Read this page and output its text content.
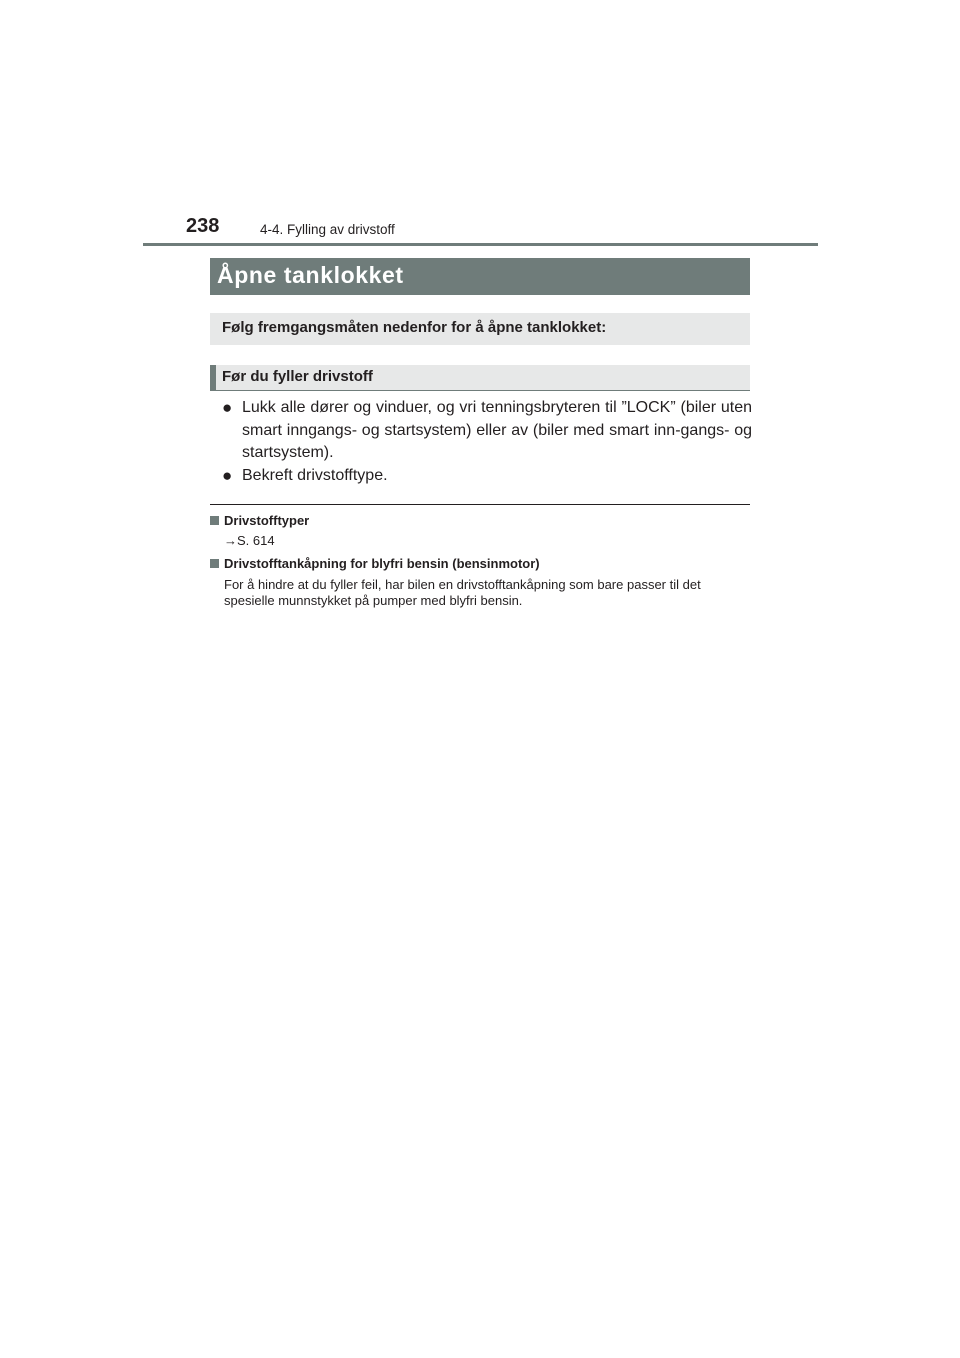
238	4-4. Fylling av drivstoff
Åpne tanklokket
Følg fremgangsmåten nedenfor for å åpne tanklokket:
Før du fyller drivstoff
● Lukk alle dører og vinduer, og vri tenningsbryteren til ”LOCK” (biler uten smart inngangs- og startsystem) eller av (biler med smart inn-gangs- og startsystem).
● Bekreft drivstofftype.
Drivstofftyper
→S. 614
Drivstofftankåpning for blyfri bensin (bensinmotor)
For å hindre at du fyller feil, har bilen en drivstofftankåpning som bare passer til det spesielle munnstykket på pumper med blyfri bensin.
